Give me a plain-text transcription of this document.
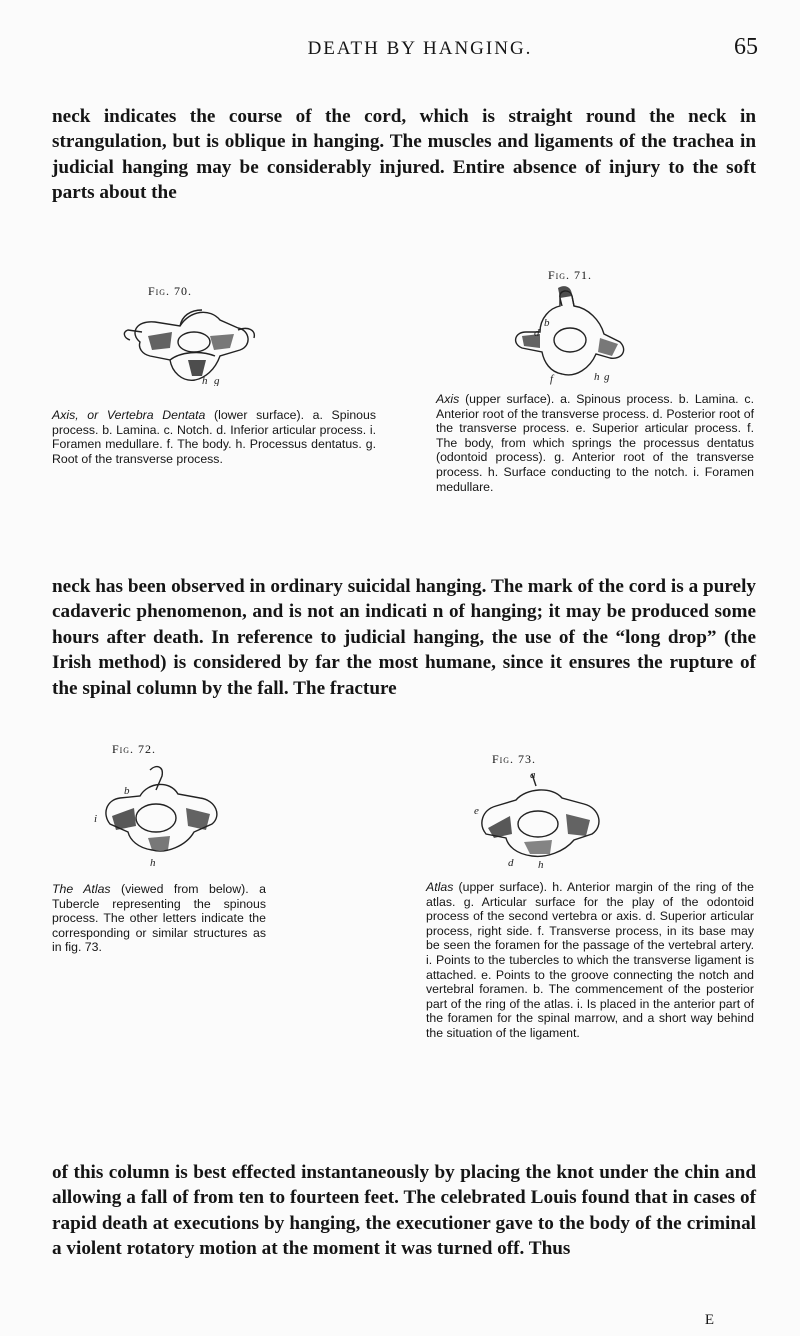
DEATH BY HANGING.	65

neck indicates the course of the cord, which is straight round the neck in strangulation, but is oblique in hanging. The muscles and ligaments of the trachea in judicial hanging may be considerably injured. Entire absence of injury to the soft parts about the

Fig. 70.
h g

Axis, or Vertebra Dentata (lower surface). a. Spinous process. b. Lamina. c. Notch. d. Inferior articular process. i. Foramen medullare. f. The body. h. Processus dentatus. g. Root of the transverse process.

Fig. 71.
b
d
f	h g

Axis (upper surface). a. Spinous process. b. Lamina. c. Anterior root of the transverse process. d. Posterior root of the transverse process. e. Superior articular process. f. The body, from which springs the processus dentatus (odontoid process). g. Anterior root of the transverse process. h. Surface conducting to the notch. i. Foramen medullare.

neck has been observed in ordinary suicidal hanging. The mark of the cord is a purely cadaveric phenomenon, and is not an indicati n of hanging; it may be produced some hours after death. In reference to judicial hanging, the use of the “long drop” (the Irish method) is considered by far the most humane, since it ensures the rupture of the spinal column by the fall. The fracture

Fig. 72.
b
i
h

The Atlas (viewed from below). a Tubercle representing the spinous process. The other letters indicate the corresponding or similar structures as in fig. 73.

Fig. 73.
a
e
d h

Atlas (upper surface). h. Anterior margin of the ring of the atlas. g. Articular surface for the play of the odontoid process of the second vertebra or axis. d. Superior articular process, right side. f. Transverse process, in its base may be seen the foramen for the passage of the vertebral artery. i. Points to the tubercles to which the transverse ligament is attached. e. Points to the groove connecting the notch and vertebral foramen. b. The commencement of the posterior part of the ring of the atlas. i. Is placed in the anterior part of the foramen for the spinal marrow, and a short way behind the situation of the ligament.

of this column is best effected instantaneously by placing the knot under the chin and allowing a fall of from ten to fourteen feet. The celebrated Louis found that in cases of rapid death at executions by hanging, the executioner gave to the body of the criminal a violent rotatory motion at the moment it was turned off. Thus

E
